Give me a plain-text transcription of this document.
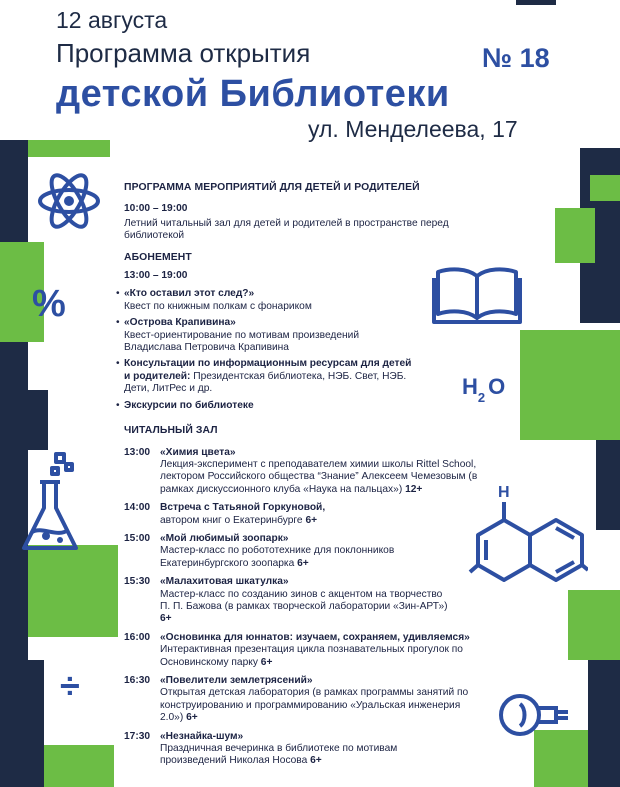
12 августа
Программа открытия	№ 18
детской Библиотеки
ул. Менделеева, 17
%
$H_2$ O
H
÷
ПРОГРАММА МЕРОПРИЯТИЙ ДЛЯ ДЕТЕЙ И РОДИТЕЛЕЙ
10:00 – 19:00
Летний читальный зал для детей и родителей в пространстве перед библиотекой
АБОНЕМЕНТ
13:00 – 19:00
• «Кто оставил этот след?»
Квест по книжным полкам с фонариком
• «Острова Крапивина»
Квест-ориентирование по мотивам произведений Владислава Петровича Крапивина
• Консультации по информационным ресурсам для детей и родителей: Президентская библиотека, НЭБ. Свет, НЭБ. Дети, ЛитРес и др.
• Экскурсии по библиотеке
ЧИТАЛЬНЫЙ ЗАЛ
13:00 «Химия цвета»
Лекция-эксперимент с преподавателем химии школы Rittel School, лектором Российского общества “Знание” Алексеем Чемезовым (в рамках дискуссионного клуба «Наука на пальцах») 12+
14:00 Встреча с Татьяной Горкуновой,
автором книг о Екатеринбурге 6+
15:00 «Мой любимый зоопарк»
Мастер-класс по робототехнике для поклонников Екатеринбургского зоопарка 6+
15:30 «Малахитовая шкатулка»
Мастер-класс по созданию зинов с акцентом на творчество П. П. Бажова (в рамках творческой лаборатории «Зин-АРТ») 6+
16:00 «Основинка для юннатов: изучаем, сохраняем, удивляемся»
Интерактивная презентация цикла познавательных прогулок по Основинскому парку 6+
16:30 «Повелители землетрясений»
Открытая детская лаборатория (в рамках программы занятий по конструированию и программированию «Уральская инженерия 2.0») 6+
17:30 «Незнайка-шум»
Праздничная вечеринка в библиотеке по мотивам произведений Николая Носова 6+
